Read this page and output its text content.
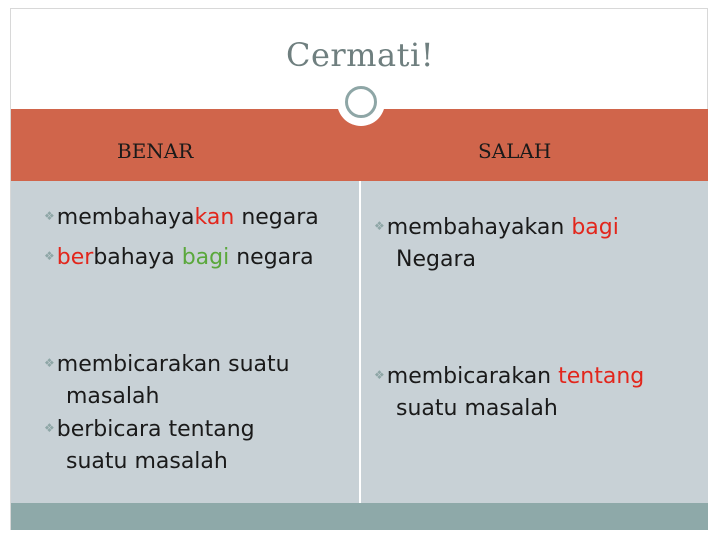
Cermati!
BENAR	SALAH
❖membahayakan negara
❖berbahaya bagi negara
❖membicarakan suatu
masalah
❖berbicara tentang
suatu masalah
❖membahayakan bagi
Negara
❖membicarakan tentang
suatu masalah
